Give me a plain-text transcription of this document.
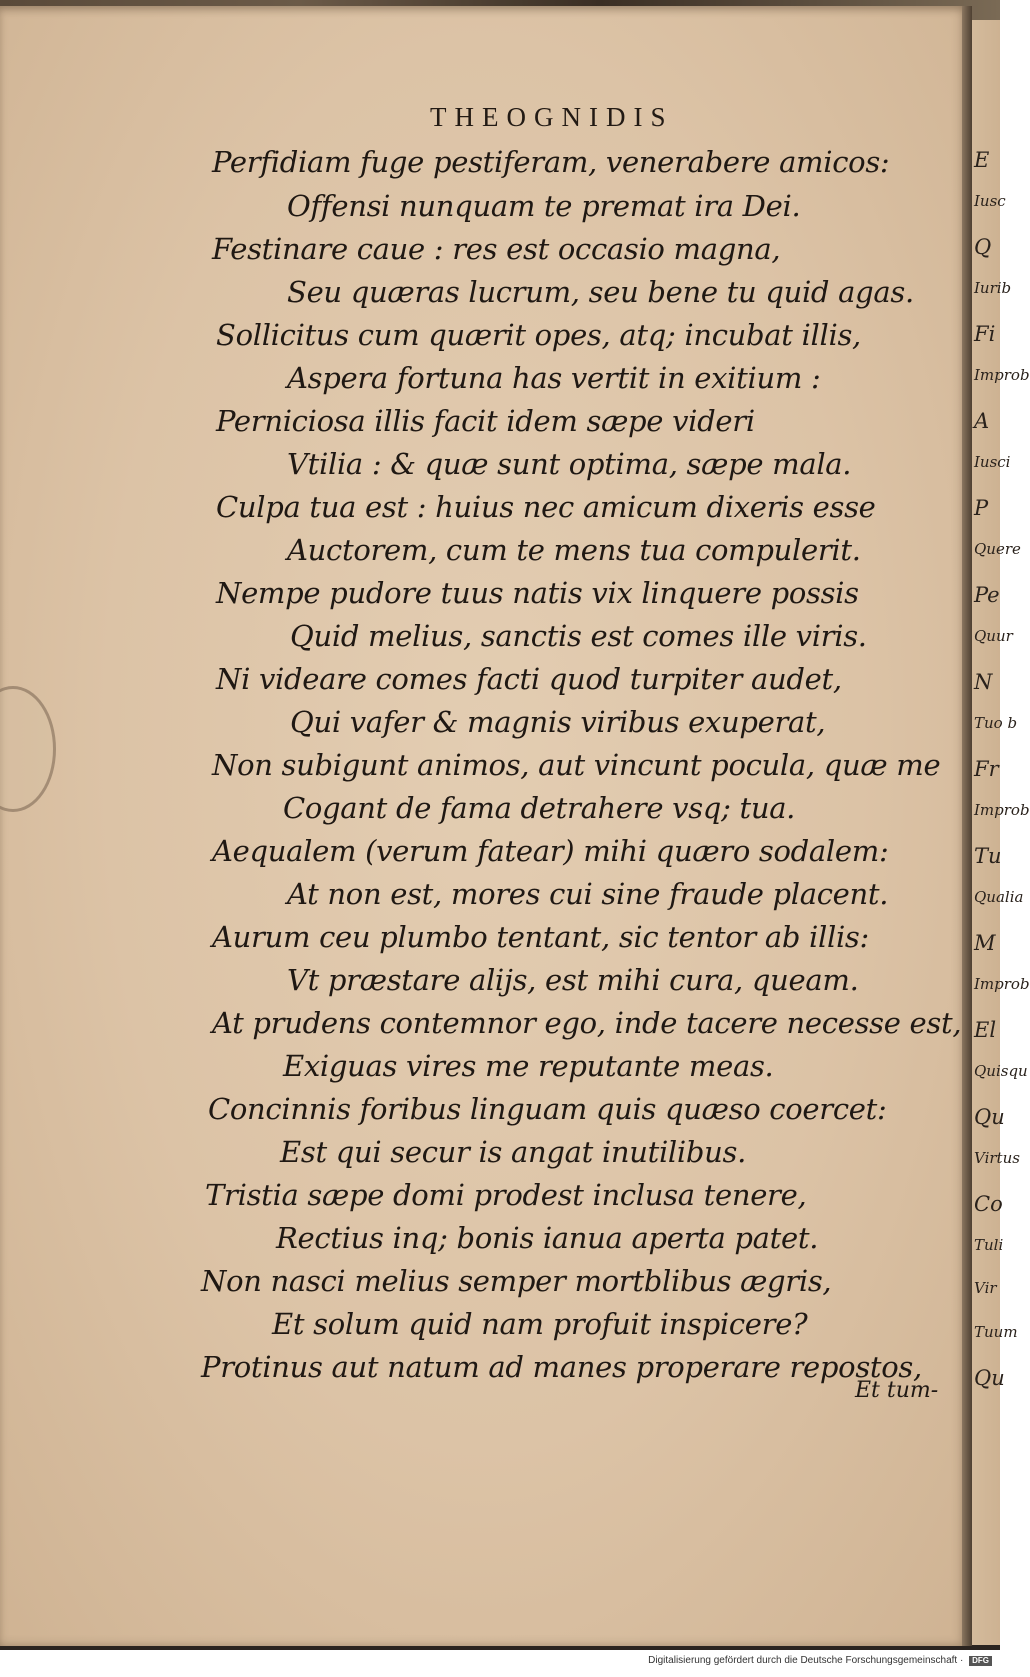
E
Iusc
Q
Iurib
Fi
Improb
A
Iusci
P
Quere
Pe
Quur
N
Tuo b
Fr
Improb
Tu
Qualia
M
Improb
El
Quisqu
Qu
Virtus
Co
Tuli
Vir
Tuum
Qu
THEOGNIDIS
Perfidiam fuge pestiferam, venerabere amicos:
Offensi nunquam te premat ira Dei.
Festinare caue : res est occasio magna,
Seu quæras lucrum, seu bene tu quid agas.
Sollicitus cum quærit opes, atq; incubat illis,
Aspera fortuna has vertit in exitium :
Perniciosa illis facit idem sæpe videri
Vtilia : & quæ sunt optima, sæpe mala.
Culpa tua est : huius nec amicum dixeris esse
Auctorem, cum te mens tua compulerit.
Nempe pudore tuus natis vix linquere possis
Quid melius, sanctis est comes ille viris.
Ni videare comes facti quod turpiter audet,
Qui vafer & magnis viribus exuperat,
Non subigunt animos, aut vincunt pocula, quæ me
Cogant de fama detrahere vsq; tua.
Aequalem (verum fatear) mihi quæro sodalem:
At non est, mores cui sine fraude placent.
Aurum ceu plumbo tentant, sic tentor ab illis:
Vt præstare alijs, est mihi cura, queam.
At prudens contemnor ego, inde tacere necesse est,
Exiguas vires me reputante meas.
Concinnis foribus linguam quis quæso coercet:
Est qui secur is angat inutilibus.
Tristia sæpe domi prodest inclusa tenere,
Rectius inq; bonis ianua aperta patet.
Non nasci melius semper mortblibus ægris,
Et solum quid nam profuit inspicere?
Protinus aut natum ad manes properare repostos,
Et tum-
Digitalisierung gefördert durch die Deutsche Forschungsgemeinschaft · DFG
